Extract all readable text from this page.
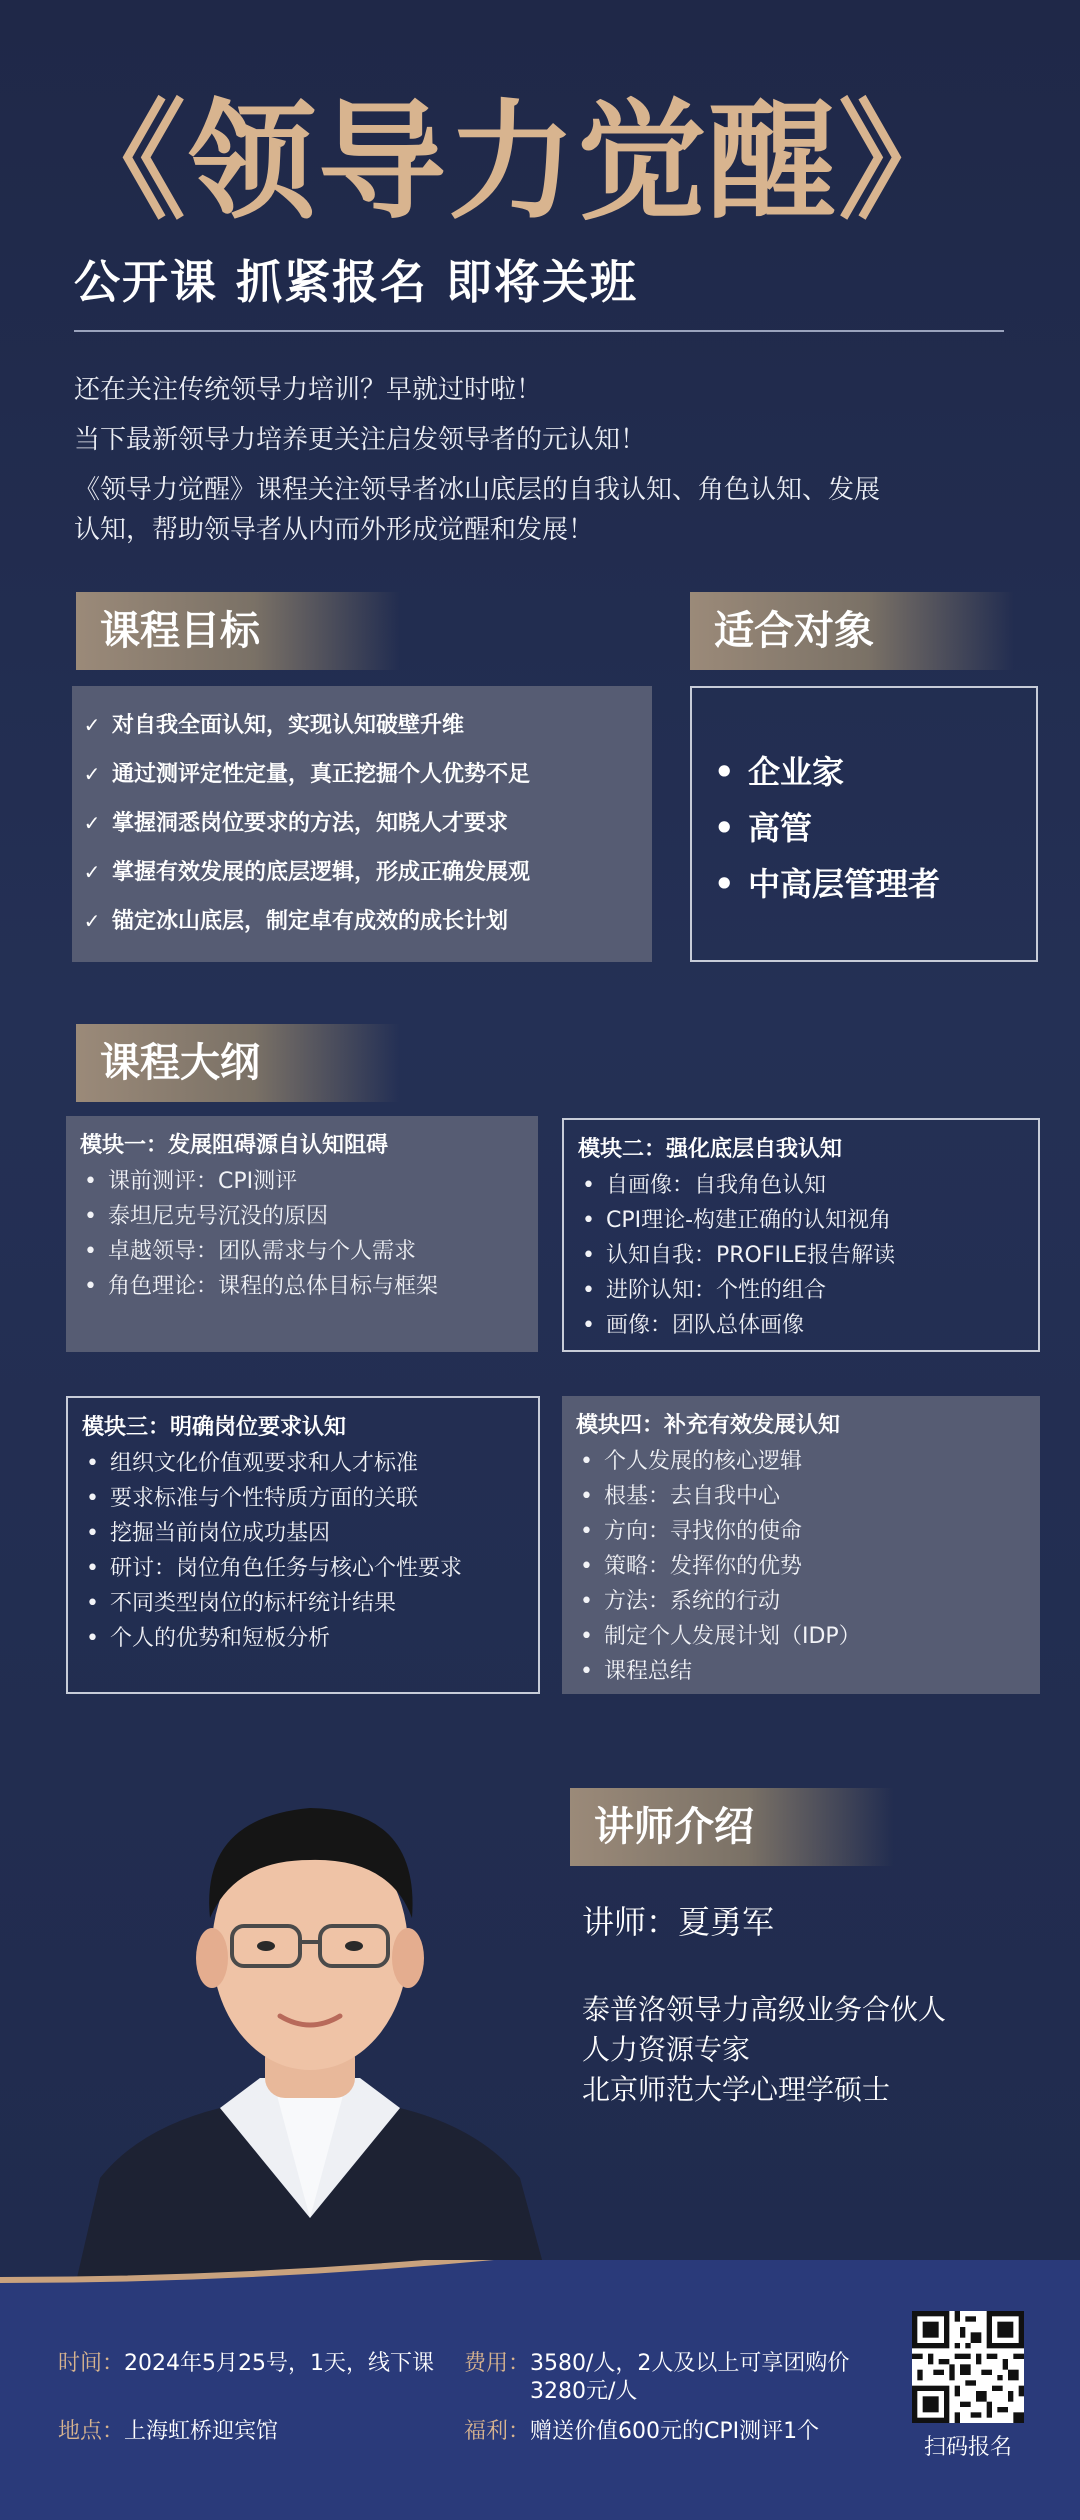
《领导力觉醒》
公开课 抓紧报名 即将关班
还在关注传统领导力培训？早就过时啦！
当下最新领导力培养更关注启发领导者的元认知！
《领导力觉醒》课程关注领导者冰山底层的自我认知、角色认知、发展
认知，帮助领导者从内而外形成觉醒和发展！
课程目标
✓ 对自我全面认知，实现认知破壁升维
✓ 通过测评定性定量，真正挖掘个人优势不足
✓ 掌握洞悉岗位要求的方法，知晓人才要求
✓ 掌握有效发展的底层逻辑，形成正确发展观
✓ 锚定冰山底层，制定卓有成效的成长计划
适合对象
• 企业家
• 高管
• 中高层管理者
课程大纲
模块一：发展阻碍源自认知阻碍
• 课前测评：CPI测评
• 泰坦尼克号沉没的原因
• 卓越领导：团队需求与个人需求
• 角色理论：课程的总体目标与框架
模块二：强化底层自我认知
• 自画像：自我角色认知
• CPI理论-构建正确的认知视角
• 认知自我：PROFILE报告解读
• 进阶认知：个性的组合
• 画像：团队总体画像
模块三：明确岗位要求认知
• 组织文化价值观要求和人才标准
• 要求标准与个性特质方面的关联
• 挖掘当前岗位成功基因
• 研讨：岗位角色任务与核心个性要求
• 不同类型岗位的标杆统计结果
• 个人的优势和短板分析
模块四：补充有效发展认知
• 个人发展的核心逻辑
• 根基：去自我中心
• 方向：寻找你的使命
• 策略：发挥你的优势
• 方法：系统的行动
• 制定个人发展计划（IDP）
• 课程总结
讲师介绍
讲师：夏勇军
泰普洛领导力高级业务合伙人
人力资源专家
北京师范大学心理学硕士
时间：2024年5月25号，1天，线下课
地点：上海虹桥迎宾馆
费用：3580/人，2人及以上可享团购价
3280元/人
福利：赠送价值600元的CPI测评1个
扫码报名
